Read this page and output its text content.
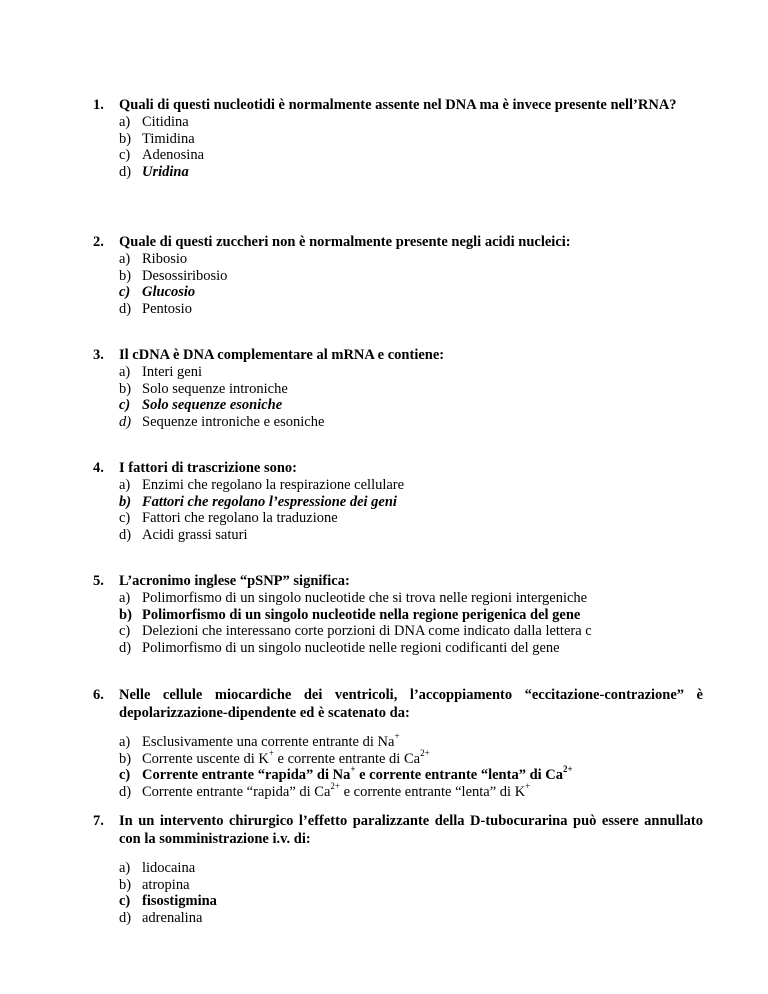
1.	Quali di questi nucleotidi è normalmente assente nel DNA ma è invece presente nell’RNA?
a) Citidina
b) Timidina
c) Adenosina
d) Uridina
2.	Quale di questi zuccheri non è normalmente presente negli acidi nucleici:
a) Ribosio
b) Desossiribosio
c) Glucosio
d) Pentosio
3.	Il cDNA è DNA complementare al mRNA e contiene:
a) Interi geni
b) Solo sequenze introniche
c) Solo sequenze esoniche
d) Sequenze introniche e esoniche
4.	I fattori di trascrizione sono:
a) Enzimi che regolano la respirazione cellulare
b) Fattori che regolano l’espressione dei geni
c) Fattori che regolano la traduzione
d) Acidi grassi saturi
5.	L’acronimo inglese “pSNP” significa:
a) Polimorfismo di un singolo nucleotide che si trova nelle regioni intergeniche
b) Polimorfismo di un singolo nucleotide nella regione perigenica del gene
c) Delezioni che interessano corte porzioni di DNA come indicato dalla lettera c
d) Polimorfismo di un singolo nucleotide nelle regioni codificanti del gene
6.	Nelle cellule miocardiche dei ventricoli, l’accoppiamento “eccitazione-contrazione” è depolarizzazione-dipendente ed è scatenato da:
a) Esclusivamente una corrente entrante di Na+
b) Corrente uscente di K+ e corrente entrante di $Ca^{2+}$
c) Corrente entrante “rapida” di Na+ e corrente entrante “lenta” di $Ca^{2+}$
d) Corrente entrante “rapida” di $Ca^{2+}$ e corrente entrante “lenta” di K+
7.	In un intervento chirurgico l’effetto paralizzante della D-tubocurarina può essere annullato con la somministrazione i.v. di:
a) lidocaina
b) atropina
c) fisostigmina
d) adrenalina
